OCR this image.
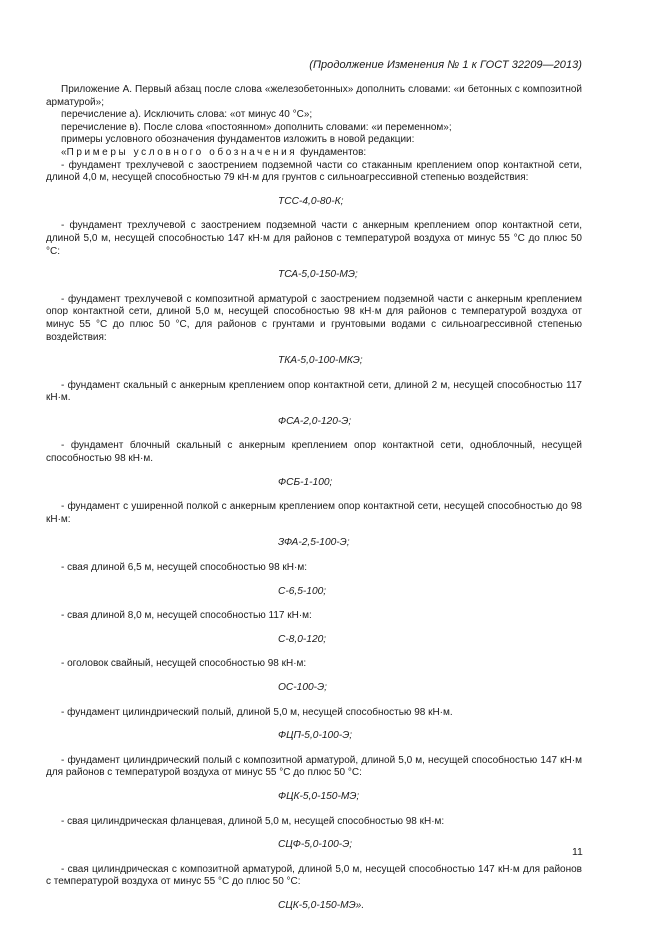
(Продолжение Изменения № 1 к ГОСТ 32209—2013)

Приложение А. Первый абзац после слова «железобетонных» дополнить словами: «и бетонных с композитной арматурой»;

перечисление а). Исключить слова: «от минус 40 °С»;

перечисление в). После слова «постоянном» дополнить словами: «и переменном»;

примеры условного обозначения фундаментов изложить в новой редакции:

«Примеры условного обозначения фундаментов:

- фундамент трехлучевой с заострением подземной части со стаканным креплением опор контактной сети, длиной 4,0 м, несущей способностью 79 кН·м для грунтов с сильноагрессивной степенью воздействия:

ТСС-4,0-80-К;

- фундамент трехлучевой с заострением подземной части с анкерным креплением опор контактной сети, длиной 5,0 м, несущей способностью 147 кН·м для районов с температурой воздуха от минус 55 °С до плюс 50 °С:

ТСА-5,0-150-МЭ;

- фундамент трехлучевой с композитной арматурой с заострением подземной части с анкерным креплением опор контактной сети, длиной 5,0 м, несущей способностью 98 кН·м для районов с температурой воздуха от минус 55 °С до плюс 50 °С, для районов с грунтами и грунтовыми водами с сильноагрессивной степенью воздействия:

ТКА-5,0-100-МКЭ;

- фундамент скальный с анкерным креплением опор контактной сети, длиной 2 м, несущей способностью 117 кН·м.

ФСА-2,0-120-Э;

- фундамент блочный скальный с анкерным креплением опор контактной сети, одноблочный, несущей способностью 98 кН·м.

ФСБ-1-100;

- фундамент с уширенной полкой с анкерным креплением опор контактной сети, несущей способностью до 98 кН·м:

ЗФА-2,5-100-Э;

- свая длиной 6,5 м, несущей способностью 98 кН·м:

С-6,5-100;

- свая длиной 8,0 м, несущей способностью 117 кН·м:

С-8,0-120;

- оголовок свайный, несущей способностью 98 кН·м:

ОС-100-Э;

- фундамент цилиндрический полый, длиной 5,0 м, несущей способностью 98 кН·м.

ФЦП-5,0-100-Э;

- фундамент цилиндрический полый с композитной арматурой, длиной 5,0 м, несущей способностью 147 кН·м для районов с температурой воздуха от минус 55 °С до плюс 50 °С:

ФЦК-5,0-150-МЭ;

- свая цилиндрическая фланцевая, длиной 5,0 м, несущей способностью 98 кН·м:

СЦФ-5,0-100-Э;

- свая цилиндрическая с композитной арматурой, длиной 5,0 м, несущей способностью 147 кН·м для районов с температурой воздуха от минус 55 °С до плюс 50 °С:

СЦК-5,0-150-МЭ».

11
